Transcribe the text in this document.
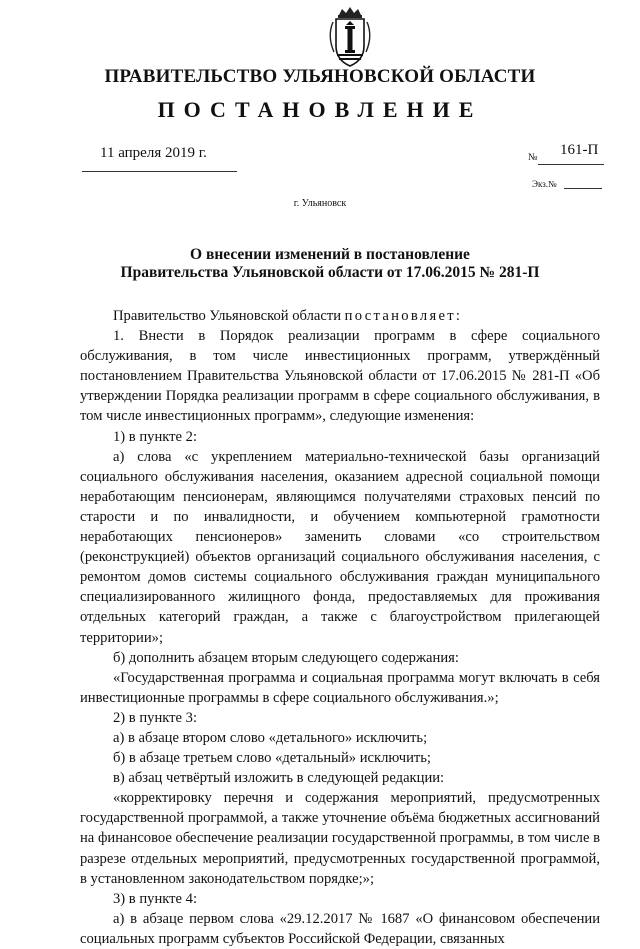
ПРАВИТЕЛЬСТВО УЛЬЯНОВСКОЙ ОБЛАСТИ
ПОСТАНОВЛЕНИЕ
11 апреля 2019 г.	№ 161-П
Экз.№
г. Ульяновск
О внесении изменений в постановление
Правительства Ульяновской области от 17.06.2015 № 281-П

Правительство Ульяновской области постановляет:

1. Внести в Порядок реализации программ в сфере социального обслуживания, в том числе инвестиционных программ, утверждённый постановлением Правительства Ульяновской области от 17.06.2015 № 281-П «Об утверждении Порядка реализации программ в сфере социального обслуживания, в том числе инвестиционных программ», следующие изменения:

1) в пункте 2:

а) слова «с укреплением материально-технической базы организаций социального обслуживания населения, оказанием адресной социальной помощи неработающим пенсионерам, являющимся получателями страховых пенсий по старости и по инвалидности, и обучением компьютерной грамотности неработающих пенсионеров» заменить словами «со строительством (реконструкцией) объектов организаций социального обслуживания населения, с ремонтом домов системы социального обслуживания граждан муниципального специализированного жилищного фонда, предоставляемых для проживания отдельных категорий граждан, а также с благоустройством прилегающей территории»;

б) дополнить абзацем вторым следующего содержания:

«Государственная программа и социальная программа могут включать в себя инвестиционные программы в сфере социального обслуживания.»;

2) в пункте 3:

а) в абзаце втором слово «детального» исключить;

б) в абзаце третьем слово «детальный» исключить;

в) абзац четвёртый изложить в следующей редакции:

«корректировку перечня и содержания мероприятий, предусмотренных государственной программой, а также уточнение объёма бюджетных ассигнований на финансовое обеспечение реализации государственной программы, в том числе в разрезе отдельных мероприятий, предусмотренных государственной программой, в установленном законодательством порядке;»;

3) в пункте 4:

а) в абзаце первом слова «29.12.2017 № 1687 «О финансовом обеспечении социальных программ субъектов Российской Федерации, связанных
